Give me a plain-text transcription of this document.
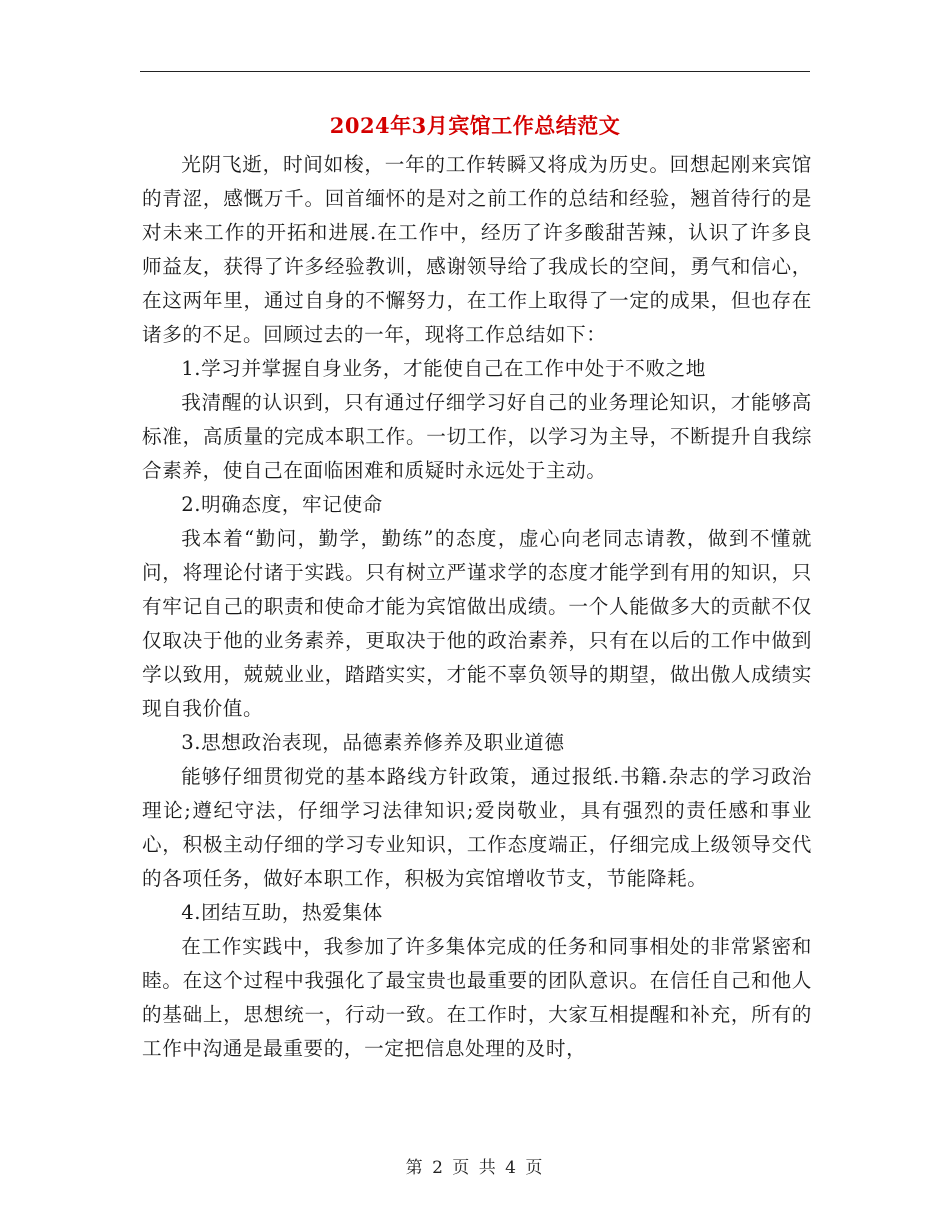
2024年3月宾馆工作总结范文

光阴飞逝，时间如梭，一年的工作转瞬又将成为历史。回想起刚来宾馆的青涩，感慨万千。回首缅怀的是对之前工作的总结和经验，翘首待行的是对未来工作的开拓和进展.在工作中，经历了许多酸甜苦辣，认识了许多良师益友，获得了许多经验教训，感谢领导给了我成长的空间，勇气和信心，在这两年里，通过自身的不懈努力，在工作上取得了一定的成果，但也存在诸多的不足。回顾过去的一年，现将工作总结如下：

1.学习并掌握自身业务，才能使自己在工作中处于不败之地

我清醒的认识到，只有通过仔细学习好自己的业务理论知识，才能够高标准，高质量的完成本职工作。一切工作，以学习为主导，不断提升自我综合素养，使自己在面临困难和质疑时永远处于主动。

2.明确态度，牢记使命

我本着“勤问，勤学，勤练”的态度，虚心向老同志请教，做到不懂就问，将理论付诸于实践。只有树立严谨求学的态度才能学到有用的知识，只有牢记自己的职责和使命才能为宾馆做出成绩。一个人能做多大的贡献不仅仅取决于他的业务素养，更取决于他的政治素养，只有在以后的工作中做到学以致用，兢兢业业，踏踏实实，才能不辜负领导的期望，做出傲人成绩实现自我价值。

3.思想政治表现，品德素养修养及职业道德

能够仔细贯彻党的基本路线方针政策，通过报纸.书籍.杂志的学习政治理论;遵纪守法，仔细学习法律知识;爱岗敬业，具有强烈的责任感和事业心，积极主动仔细的学习专业知识，工作态度端正，仔细完成上级领导交代的各项任务，做好本职工作，积极为宾馆增收节支，节能降耗。

4.团结互助，热爱集体

在工作实践中，我参加了许多集体完成的任务和同事相处的非常紧密和睦。在这个过程中我强化了最宝贵也最重要的团队意识。在信任自己和他人的基础上，思想统一，行动一致。在工作时，大家互相提醒和补充，所有的工作中沟通是最重要的，一定把信息处理的及时，

第 2 页 共 4 页
